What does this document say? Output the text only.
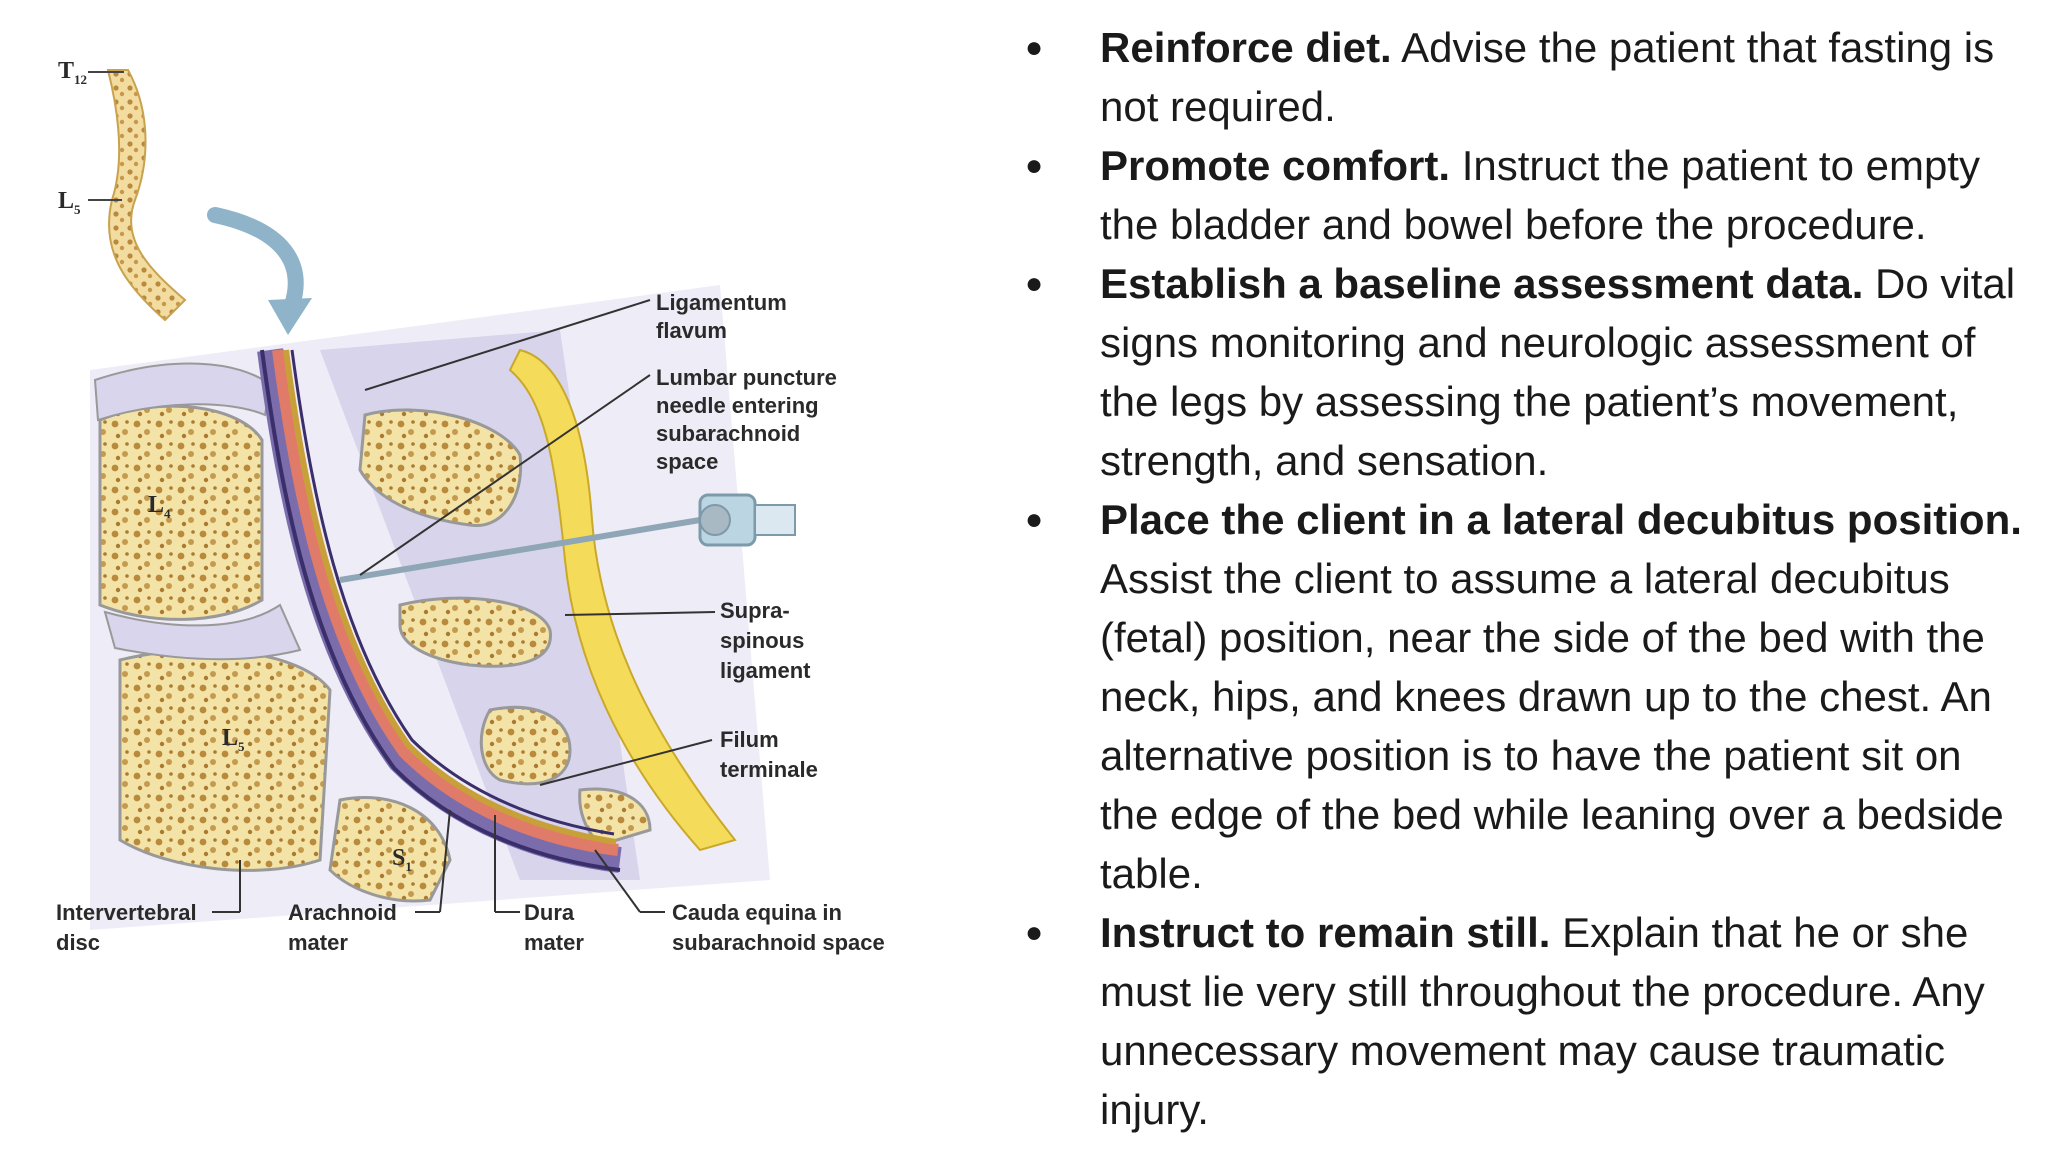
$T_{12}$
$L_5$
$L_4$
$L_5$
$S_1$
Ligamentum flavum
Lumbar puncture needle entering subarachnoid space
Supra- spinous ligament
Filum terminale
Intervertebral disc
Arachnoid mater
Dura mater
Cauda equina in subarachnoid space
●	Reinforce diet. Advise the patient that fasting is not required.
●	Promote comfort. Instruct the patient to empty the bladder and bowel before the procedure.
●	Establish a baseline assessment data. Do vital signs monitoring and neurologic assessment of the legs by assessing the patient’s movement, strength, and sensation.
●	Place the client in a lateral decubitus position. Assist the client to assume a lateral decubitus (fetal) position, near the side of the bed with the neck, hips, and knees drawn up to the chest. An alternative position is to have the patient sit on the edge of the bed while leaning over a bedside table.
●	Instruct to remain still. Explain that he or she must lie very still throughout the procedure. Any unnecessary movement may cause traumatic injury.
